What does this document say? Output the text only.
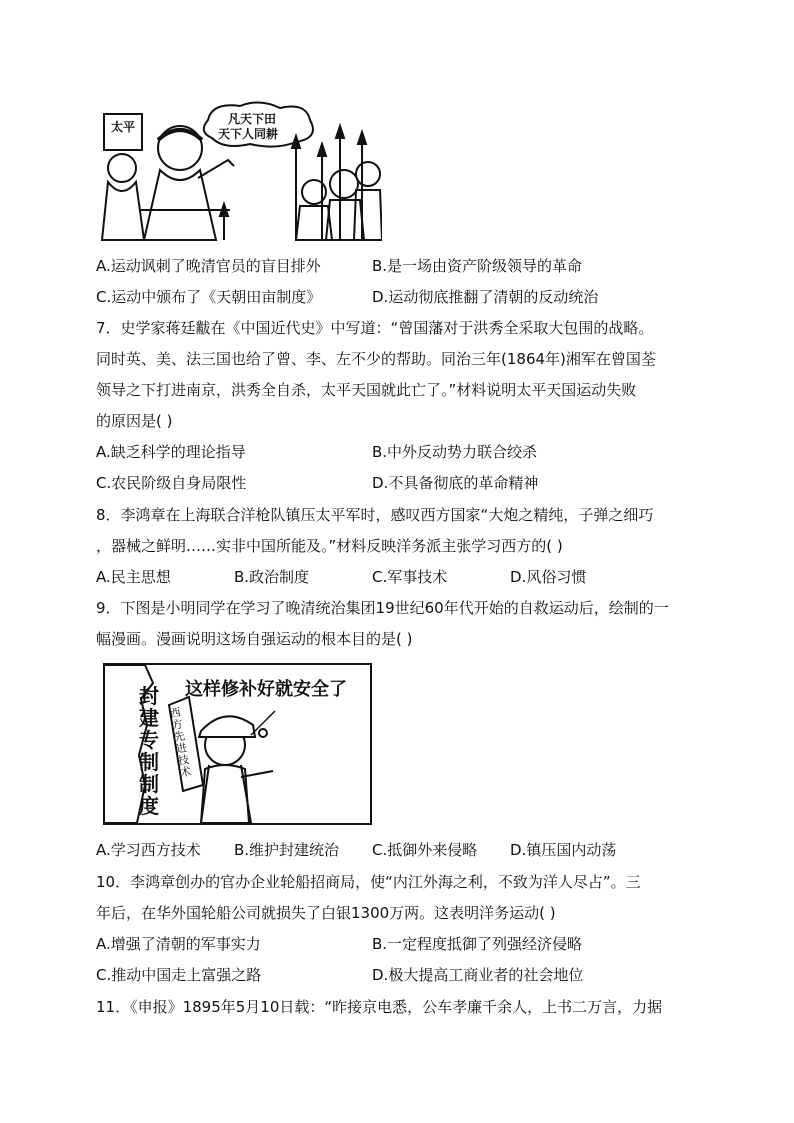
太平
凡天下田
天下人同耕
A.运动讽刺了晚清官员的盲目排外	B.是一场由资产阶级领导的革命
C.运动中颁布了《天朝田亩制度》	D.运动彻底推翻了清朝的反动统治
7．史学家蒋廷黻在《中国近代史》中写道：“曾国藩对于洪秀全采取大包围的战略。
同时英、美、法三国也给了曾、李、左不少的帮助。同治三年(1864年)湘军在曾国荃
领导之下打进南京，洪秀全自杀，太平天国就此亡了。”材料说明太平天国运动失败
的原因是( )
A.缺乏科学的理论指导	B.中外反动势力联合绞杀
C.农民阶级自身局限性	D.不具备彻底的革命精神
8．李鸿章在上海联合洋枪队镇压太平军时，感叹西方国家“大炮之精纯，子弹之细巧
，器械之鲜明……实非中国所能及。”材料反映洋务派主张学习西方的( )
A.民主思想	B.政治制度	C.军事技术	D.风俗习惯
9．下图是小明同学在学习了晚清统治集团19世纪60年代开始的自救运动后，绘制的一
幅漫画。漫画说明这场自强运动的根本目的是( )
这样修补好就安全了
封建专制制度
西方先进技术
A.学习西方技术 B.维护封建统治 C.抵御外来侵略 D.镇压国内动荡
10．李鸿章创办的官办企业轮船招商局，使“内江外海之利，不致为洋人尽占”。三
年后，在华外国轮船公司就损失了白银1300万两。这表明洋务运动( )
A.增强了清朝的军事实力	B.一定程度抵御了列强经济侵略
C.推动中国走上富强之路	D.极大提高工商业者的社会地位
11．《申报》1895年5月10日载：“昨接京电悉，公车孝廉千余人，上书二万言，力据
